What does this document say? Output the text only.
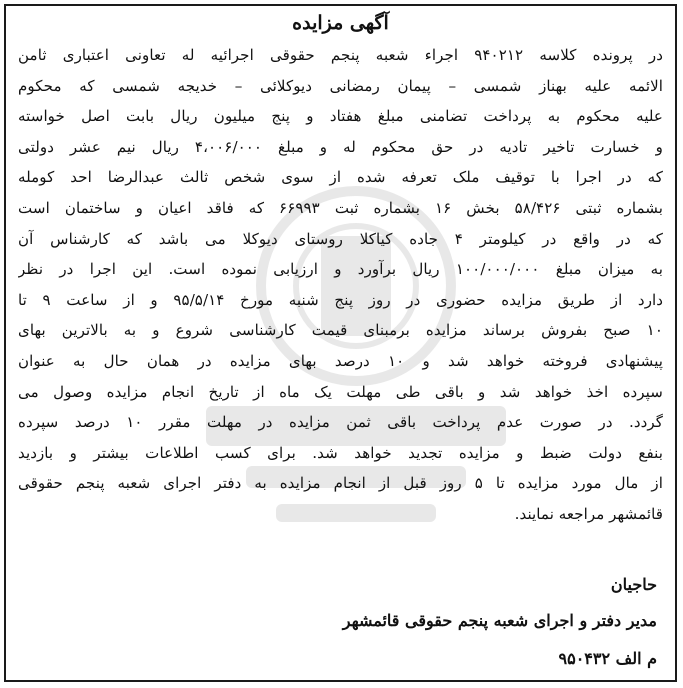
آگهی مزایده
در پرونده کلاسه ۹۴۰۲۱۲ اجراء شعبه پنجم حقوقی اجرائیه له تعاونی اعتباری ثامن
الائمه علیه بهناز شمسی – پیمان رمضانی دیوکلائی – خدیجه شمسی که محکوم
علیه محکوم به پرداخت تضامنی مبلغ هفتاد و پنج میلیون ریال بابت اصل خواسته
و خسارت تاخیر تادیه در حق محکوم له و مبلغ ۴،۰۰۶/۰۰۰ ریال نیم عشر دولتی
که در اجرا با توقیف ملک تعرفه شده از سوی شخص ثالث عبدالرضا احد کومله
بشماره ثبتی ۵۸/۴۲۶ بخش ۱۶ بشماره ثبت ۶۶۹۹۳ که فاقد اعیان و ساختمان است
که در واقع در کیلومتر ۴ جاده کیاکلا روستای دیوکلا می باشد که کارشناس آن
به میزان مبلغ ۱۰۰/۰۰۰/۰۰۰ ریال برآورد و ارزیابی نموده است. این اجرا در نظر
دارد از طریق مزایده حضوری در روز پنج شنبه مورخ ۹۵/۵/۱۴ و از ساعت ۹ تا
۱۰ صبح بفروش برساند مزایده برمبنای قیمت کارشناسی شروع و به بالاترین بهای
پیشنهادی فروخته خواهد شد و ۱۰ درصد بهای مزایده در همان حال به عنوان
سپرده اخذ خواهد شد و باقی طی مهلت یک ماه از تاریخ انجام مزایده وصول می
گردد. در صورت عدم پرداخت باقی ثمن مزایده در مهلت مقرر ۱۰ درصد سپرده
بنفع دولت ضبط و مزایده تجدید خواهد شد. برای کسب اطلاعات بیشتر و بازدید
از مال مورد مزایده تا ۵ روز قبل از انجام مزایده به دفتر اجرای شعبه پنجم حقوقی
قائمشهر مراجعه نمایند.
حاجیان
مدیر دفتر و اجرای شعبه پنجم حقوقی قائمشهر
م الف ۹۵۰۴۳۲
